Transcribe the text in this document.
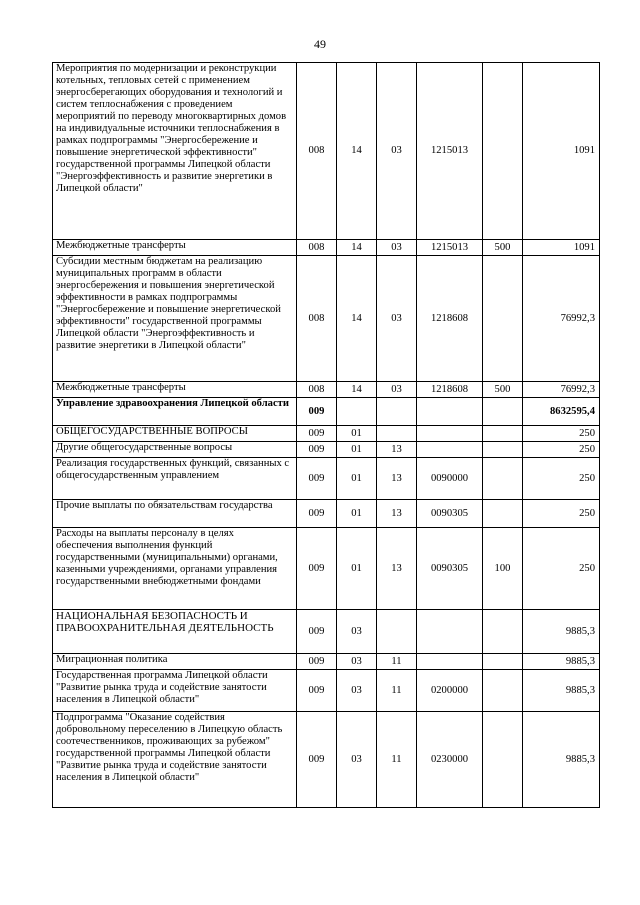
49
Мероприятия по модернизации и реконструкции котельных, тепловых сетей с применением энергосберегающих оборудования и технологий и систем теплоснабжения с проведением мероприятий по переводу многоквартирных домов на индивидуальные источники теплоснабжения в рамках подпрограммы "Энергосбережение и повышение энергетической эффективности" государственной программы Липецкой области "Энергоэффективность и развитие энергетики в Липецкой области"	008	14	03	1215013		1091
Межбюджетные трансферты	008	14	03	1215013	500	1091
Субсидии местным бюджетам на реализацию муниципальных программ в области энергосбережения и повышения энергетической эффективности в рамках подпрограммы "Энергосбережение и повышение энергетической эффективности" государственной программы Липецкой области "Энергоэффективность и развитие энергетики в Липецкой области"	008	14	03	1218608		76992,3
Межбюджетные трансферты	008	14	03	1218608	500	76992,3
Управление здравоохранения Липецкой области	009					8632595,4
ОБЩЕГОСУДАРСТВЕННЫЕ ВОПРОСЫ	009	01				250
Другие общегосударственные вопросы	009	01	13			250
Реализация государственных функций, связанных с общегосударственным управлением	009	01	13	0090000		250
Прочие выплаты по обязательствам государства	009	01	13	0090305		250
Расходы на выплаты персоналу в целях обеспечения выполнения функций государственными (муниципальными) органами, казенными учреждениями, органами управления государственными внебюджетными фондами	009	01	13	0090305	100	250
НАЦИОНАЛЬНАЯ БЕЗОПАСНОСТЬ И ПРАВООХРАНИТЕЛЬНАЯ ДЕЯТЕЛЬНОСТЬ	009	03				9885,3
Миграционная политика	009	03	11			9885,3
Государственная программа Липецкой области "Развитие рынка труда и содействие занятости населения в Липецкой области"	009	03	11	0200000		9885,3
Подпрограмма "Оказание содействия добровольному переселению в Липецкую область соотечественников, проживающих за рубежом" государственной программы Липецкой области "Развитие рынка труда и содействие занятости населения в Липецкой области"	009	03	11	0230000		9885,3
